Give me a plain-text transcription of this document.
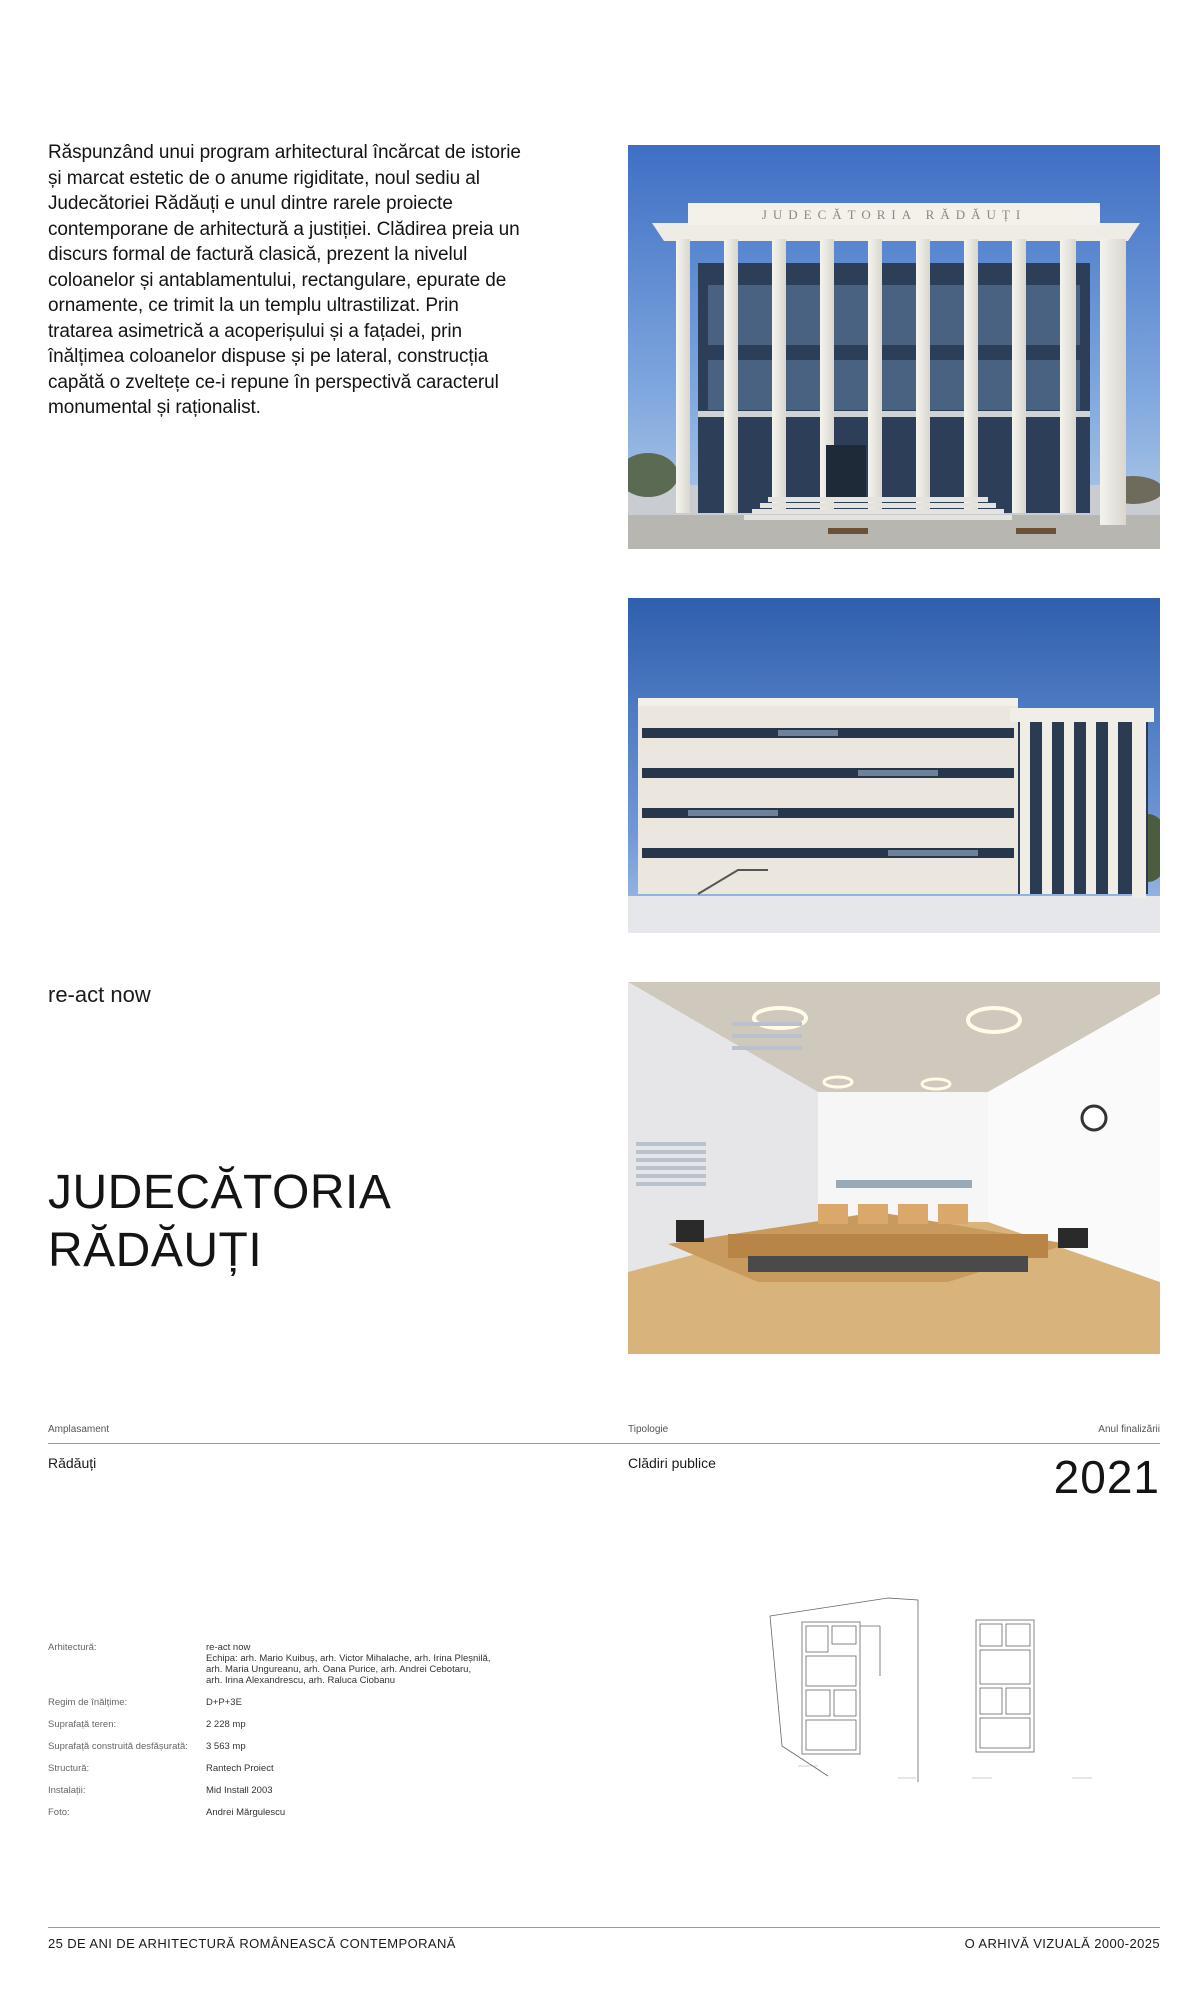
Răspunzând unui program arhitectural încărcat de istorie și marcat estetic de o anume rigiditate, noul sediu al Judecătoriei Rădăuți e unul dintre rarele proiecte contemporane de arhitectură a justiției. Clădirea preia un discurs formal de factură clasică, prezent la nivelul coloanelor și antablamentului, rectangulare, epurate de ornamente, ce trimit la un templu ultrastilizat. Prin tratarea asimetrică a acoperișului și a fațadei, prin înălțimea coloanelor dispuse și pe lateral, construcția capătă o zveltețe ce-i repune în perspectivă caracterul monumental și raționalist.

JUDECĂTORIA RĂDĂUȚI
re-act now
JUDECĂTORIA
RĂDĂUȚI
Amplasament	Tipologie	Anul finalizării
Rădăuți	Clădiri publice	2021
Arhitectură:	re-act now
Echipa: arh. Mario Kuibuș, arh. Victor Mihalache, arh. Irina Pleșnilă,
arh. Maria Ungureanu, arh. Oana Purice, arh. Andrei Cebotaru,
arh. Irina Alexandrescu, arh. Raluca Ciobanu
Regim de înălțime:	D+P+3E
Suprafață teren:	2 228 mp
Suprafață construită desfășurată:	3 563 mp
Structură:	Rantech Proiect
Instalații:	Mid Install 2003
Foto:	Andrei Mărgulescu
25 DE ANI DE ARHITECTURĂ ROMÂNEASCĂ CONTEMPORANĂ	O ARHIVĂ VIZUALĂ 2000-2025
